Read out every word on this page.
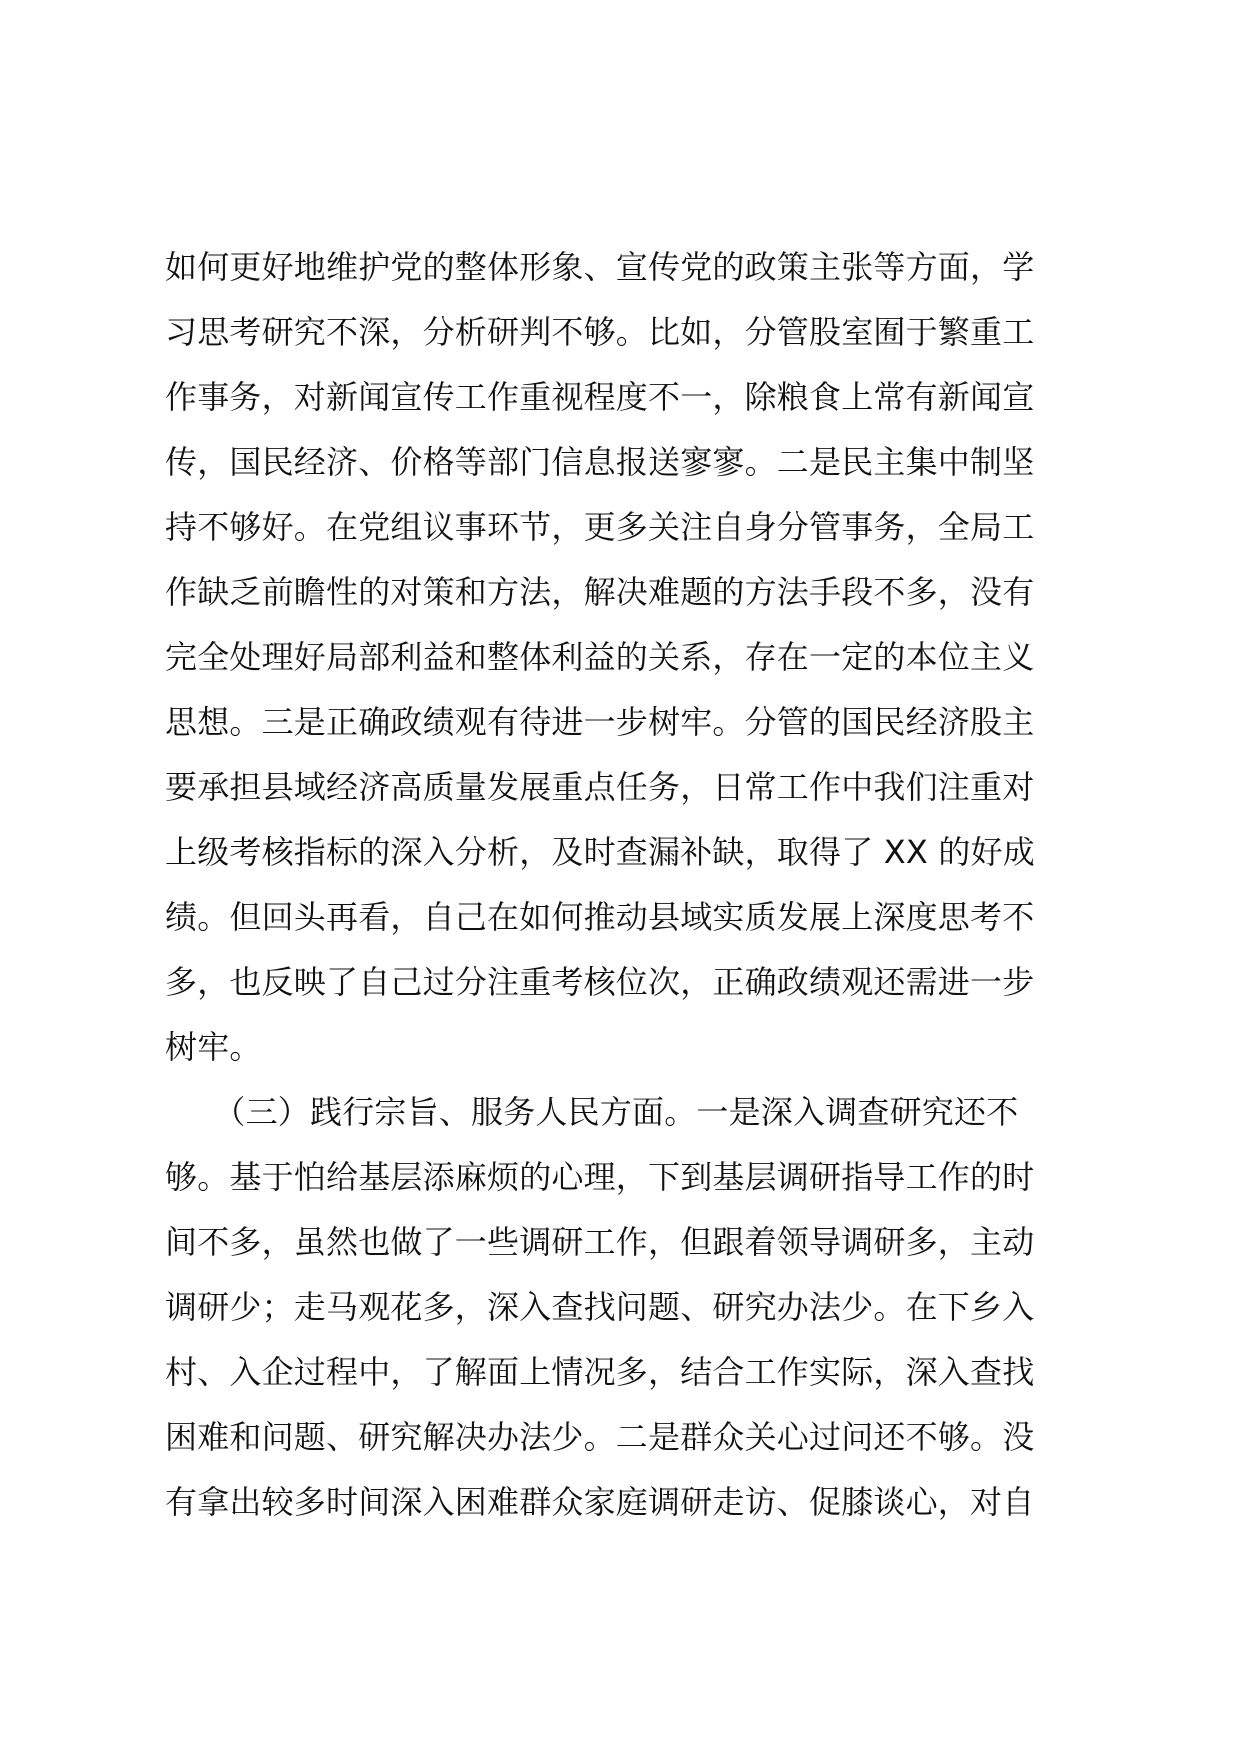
如何更好地维护党的整体形象、宣传党的政策主张等方面，学
习思考研究不深，分析研判不够。比如，分管股室囿于繁重工
作事务，对新闻宣传工作重视程度不一，除粮食上常有新闻宣
传，国民经济、价格等部门信息报送寥寥。二是民主集中制坚
持不够好。在党组议事环节，更多关注自身分管事务，全局工
作缺乏前瞻性的对策和方法，解决难题的方法手段不多，没有
完全处理好局部利益和整体利益的关系，存在一定的本位主义
思想。三是正确政绩观有待进一步树牢。分管的国民经济股主
要承担县域经济高质量发展重点任务，日常工作中我们注重对
上级考核指标的深入分析，及时查漏补缺，取得了 XX 的好成
绩。但回头再看，自己在如何推动县域实质发展上深度思考不
多，也反映了自己过分注重考核位次，正确政绩观还需进一步
树牢。
　　（三）践行宗旨、服务人民方面。一是深入调查研究还不
够。基于怕给基层添麻烦的心理，下到基层调研指导工作的时
间不多，虽然也做了一些调研工作，但跟着领导调研多，主动
调研少；走马观花多，深入查找问题、研究办法少。在下乡入
村、入企过程中，了解面上情况多，结合工作实际，深入查找
困难和问题、研究解决办法少。二是群众关心过问还不够。没
有拿出较多时间深入困难群众家庭调研走访、促膝谈心，对自
